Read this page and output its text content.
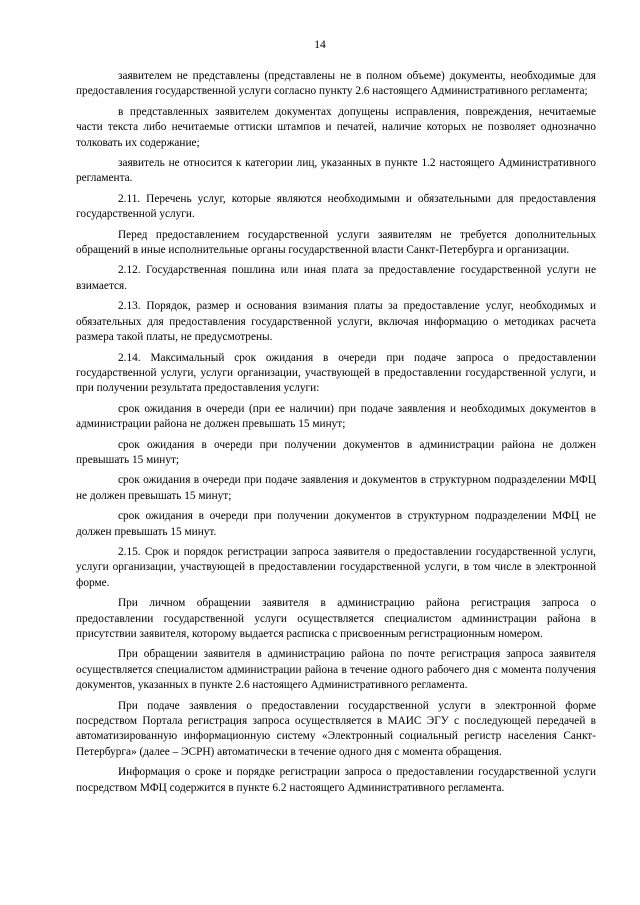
14

заявителем не представлены (представлены не в полном объеме) документы, необходимые для предоставления государственной услуги согласно пункту 2.6 настоящего Административного регламента;

в представленных заявителем документах допущены исправления, повреждения, нечитаемые части текста либо нечитаемые оттиски штампов и печатей, наличие которых не позволяет однозначно толковать их содержание;

заявитель не относится к категории лиц, указанных в пункте 1.2 настоящего Административного регламента.

2.11. Перечень услуг, которые являются необходимыми и обязательными для предоставления государственной услуги.

Перед предоставлением государственной услуги заявителям не требуется дополнительных обращений в иные исполнительные органы государственной власти Санкт-Петербурга и организации.

2.12. Государственная пошлина или иная плата за предоставление государственной услуги не взимается.

2.13. Порядок, размер и основания взимания платы за предоставление услуг, необходимых и обязательных для предоставления государственной услуги, включая информацию о методиках расчета размера такой платы, не предусмотрены.

2.14. Максимальный срок ожидания в очереди при подаче запроса о предоставлении государственной услуги, услуги организации, участвующей в предоставлении государственной услуги, и при получении результата предоставления услуги:

срок ожидания в очереди (при ее наличии) при подаче заявления и необходимых документов в администрации района не должен превышать 15 минут;

срок ожидания в очереди при получении документов в администрации района не должен превышать 15 минут;

срок ожидания в очереди при подаче заявления и документов в структурном подразделении МФЦ не должен превышать 15 минут;

срок ожидания в очереди при получении документов в структурном подразделении МФЦ не должен превышать 15 минут.

2.15. Срок и порядок регистрации запроса заявителя о предоставлении государственной услуги, услуги организации, участвующей в предоставлении государственной услуги, в том числе в электронной форме.

При личном обращении заявителя в администрацию района регистрация запроса о предоставлении государственной услуги осуществляется специалистом администрации района в присутствии заявителя, которому выдается расписка с присвоенным регистрационным номером.

При обращении заявителя в администрацию района по почте регистрация запроса заявителя осуществляется специалистом администрации района в течение одного рабочего дня с момента получения документов, указанных в пункте 2.6 настоящего Административного регламента.

При подаче заявления о предоставлении государственной услуги в электронной форме посредством Портала регистрация запроса осуществляется в МАИС ЭГУ с последующей передачей в автоматизированную информационную систему «Электронный социальный регистр населения Санкт-Петербурга» (далее – ЭСРН) автоматически в течение одного дня с момента обращения.

Информация о сроке и порядке регистрации запроса о предоставлении государственной услуги посредством МФЦ содержится в пункте 6.2 настоящего Административного регламента.
